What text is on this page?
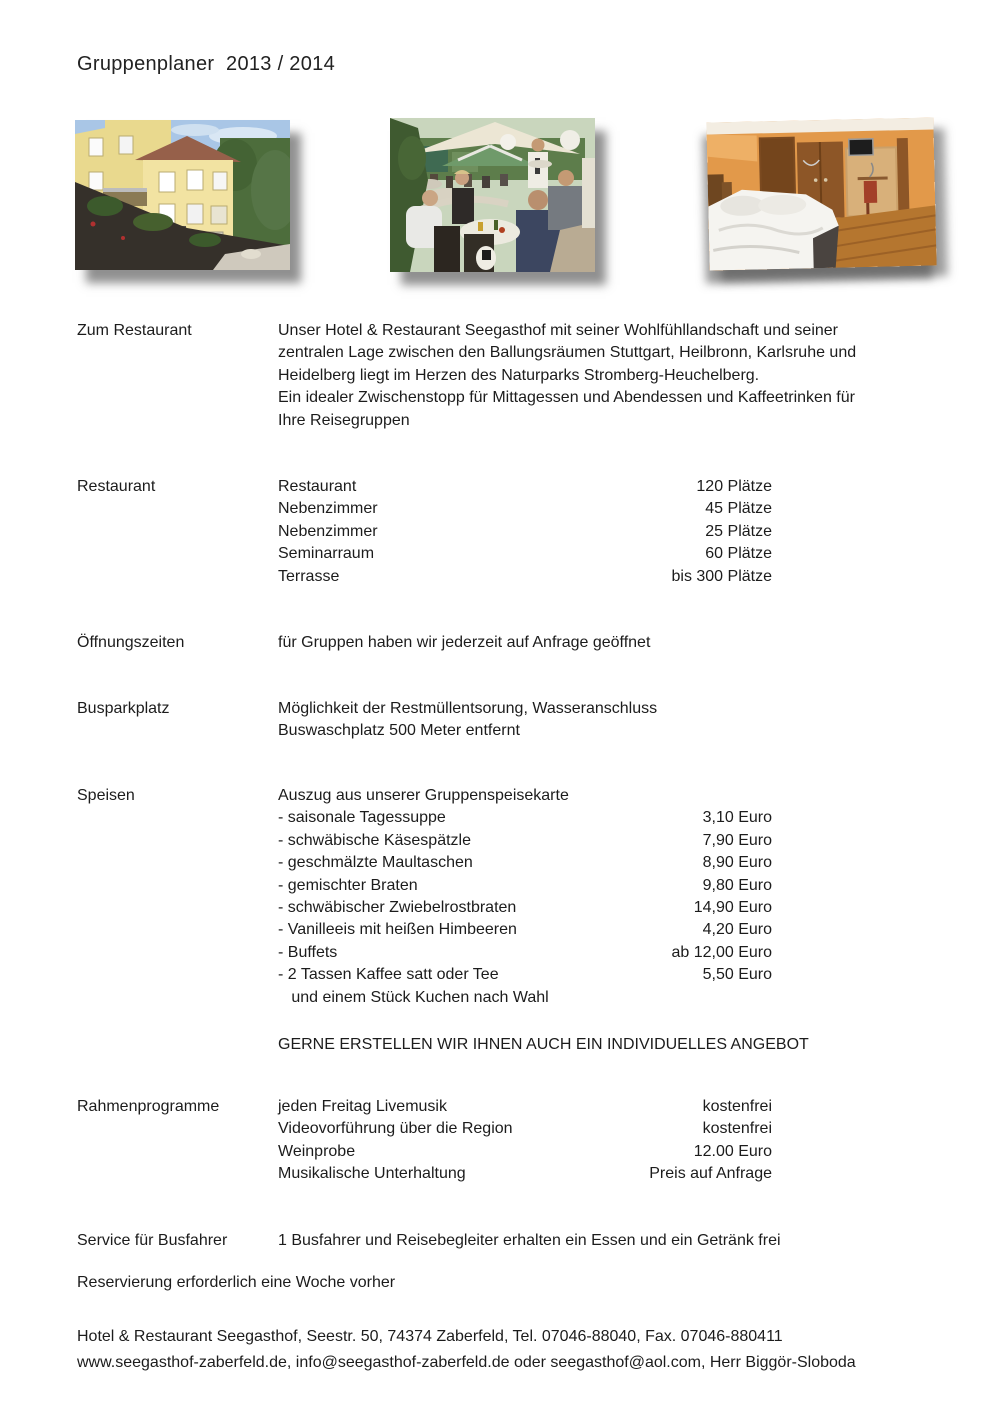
Gruppenplaner  2013 / 2014
Zum Restaurant	Unser Hotel & Restaurant Seegasthof mit seiner Wohlfühllandschaft und seiner
zentralen Lage zwischen den Ballungsräumen Stuttgart, Heilbronn, Karlsruhe und
Heidelberg liegt im Herzen des Naturparks Stromberg-Heuchelberg.
Ein idealer Zwischenstopp für Mittagessen und Abendessen und Kaffeetrinken für
Ihre Reisegruppen
Restaurant	Restaurant	120 Plätze
Nebenzimmer	45 Plätze
Nebenzimmer	25 Plätze
Seminarraum	60 Plätze
Terrasse	bis 300 Plätze
Öffnungszeiten	für Gruppen haben wir jederzeit auf Anfrage geöffnet
Busparkplatz	Möglichkeit der Restmüllentsorung, Wasseranschluss
Buswaschplatz 500 Meter entfernt
Speisen	Auszug aus unserer Gruppenspeisekarte
- saisonale Tagessuppe	3,10 Euro
- schwäbische Käsespätzle	7,90 Euro
- geschmälzte Maultaschen	8,90 Euro
- gemischter Braten	9,80 Euro
- schwäbischer Zwiebelrostbraten	14,90 Euro
- Vanilleeis mit heißen Himbeeren	4,20 Euro
- Buffets	ab 12,00 Euro
- 2 Tassen Kaffee satt oder Tee	5,50 Euro
und einem Stück Kuchen nach Wahl
GERNE ERSTELLEN WIR IHNEN AUCH EIN INDIVIDUELLES ANGEBOT
Rahmenprogramme	jeden Freitag Livemusik	kostenfrei
Videovorführung über die Region	kostenfrei
Weinprobe	12.00 Euro
Musikalische Unterhaltung	Preis auf Anfrage
Service für Busfahrer	1 Busfahrer und Reisebegleiter erhalten ein Essen und ein Getränk frei
Reservierung erforderlich eine Woche vorher
Hotel & Restaurant Seegasthof, Seestr. 50, 74374 Zaberfeld, Tel. 07046-88040, Fax. 07046-880411
www.seegasthof-zaberfeld.de, info@seegasthof-zaberfeld.de oder seegasthof@aol.com, Herr Biggör-Sloboda
